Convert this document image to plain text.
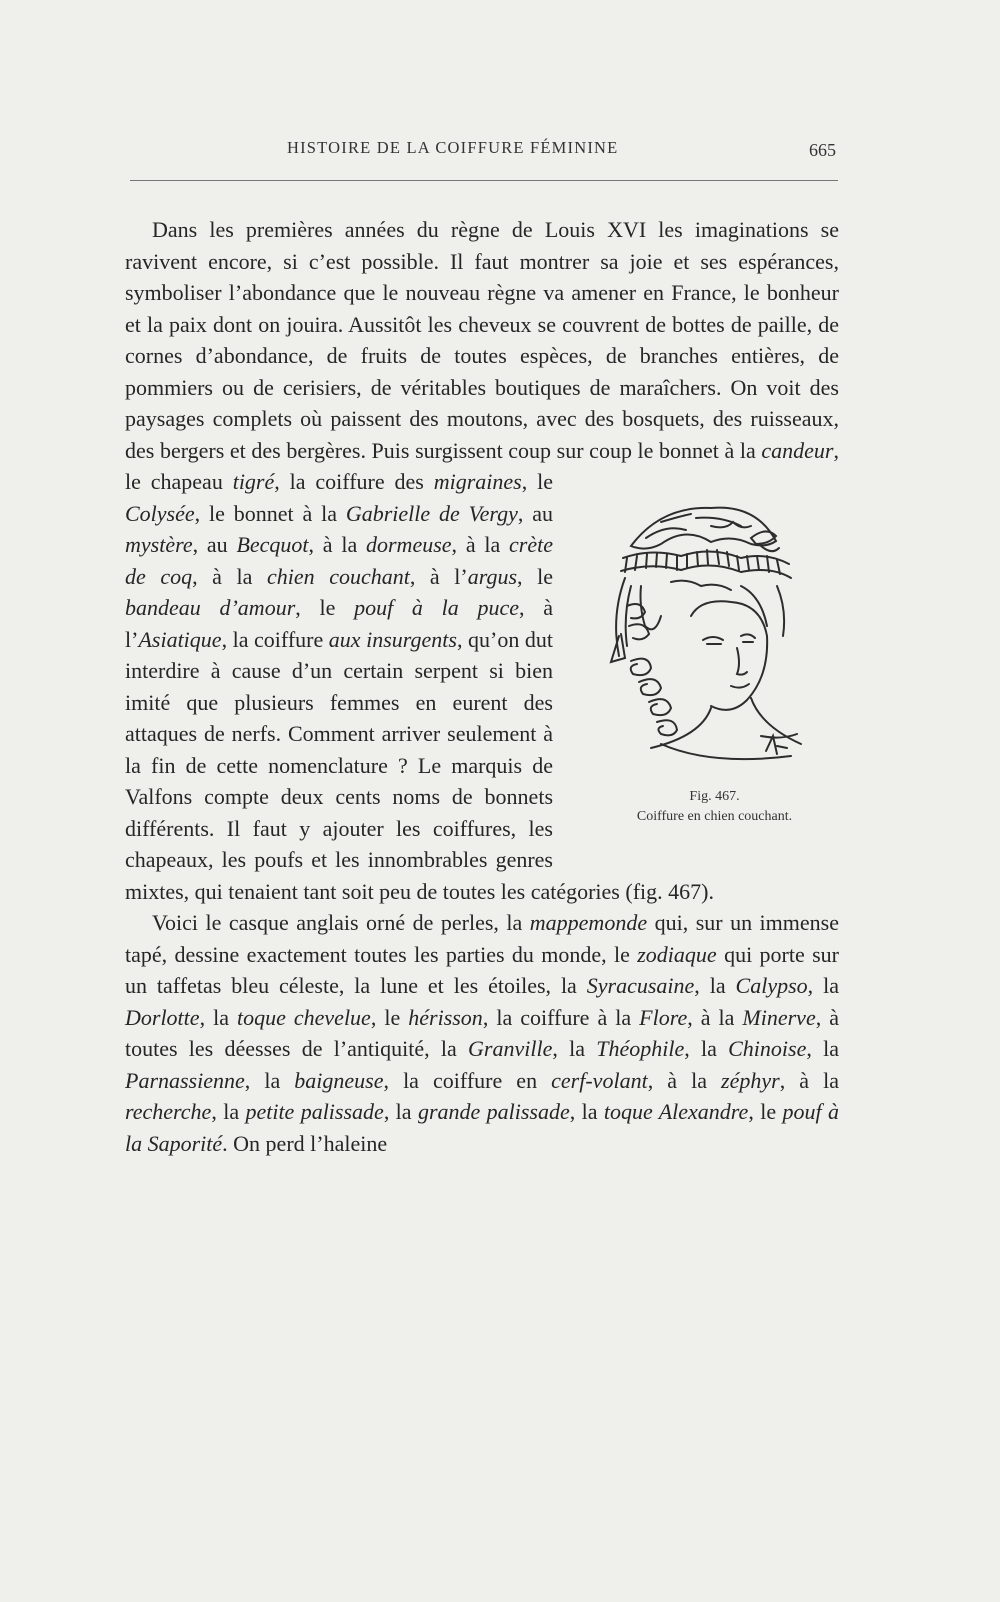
HISTOIRE DE LA COIFFURE FÉMININE	665

Dans les premières années du règne de Louis XVI les imaginations se ravivent encore, si c’est possible. Il faut montrer sa joie et ses espérances, symboliser l’abondance que le nouveau règne va amener en France, le bonheur et la paix dont on jouira. Aussitôt les cheveux se couvrent de bottes de paille, de cornes d’abondance, de fruits de toutes espèces, de branches entières, de pommiers ou de cerisiers, de véritables boutiques de maraîchers. On voit des paysages complets où paissent des moutons, avec des bosquets, des ruisseaux, des bergers et des bergères. Puis surgissent coup sur coup le bonnet à la
Fig. 467.
Coiffure en chien couchant.
candeur, le chapeau tigré, la coiffure des migraines, le Colysée, le bonnet à la Gabrielle de Vergy, au mystère, au Becquot, à la dormeuse, à la crète de coq, à la chien couchant, à l’argus, le bandeau d’amour, le pouf à la puce, à l’Asiatique, la coiffure aux insurgents, qu’on dut interdire à cause d’un certain serpent si bien imité que plusieurs femmes en eurent des attaques de nerfs. Comment arriver seulement à la fin de cette nomenclature ? Le marquis de Valfons compte deux cents noms de bonnets différents. Il faut y ajouter les coiffures, les chapeaux, les poufs et les innombrables genres mixtes, qui tenaient tant soit peu de toutes les catégories (fig. 467).

Voici le casque anglais orné de perles, la mappemonde qui, sur un immense tapé, dessine exactement toutes les parties du monde, le zodiaque qui porte sur un taffetas bleu céleste, la lune et les étoiles, la Syracusaine, la Calypso, la Dorlotte, la toque chevelue, le hérisson, la coiffure à la Flore, à la Minerve, à toutes les déesses de l’antiquité, la Granville, la Théophile, la Chinoise, la Parnassienne, la baigneuse, la coiffure en cerf-volant, à la zéphyr, à la recherche, la petite palissade, la grande palissade, la toque Alexandre, le pouf à la Saporité. On perd l’haleine
